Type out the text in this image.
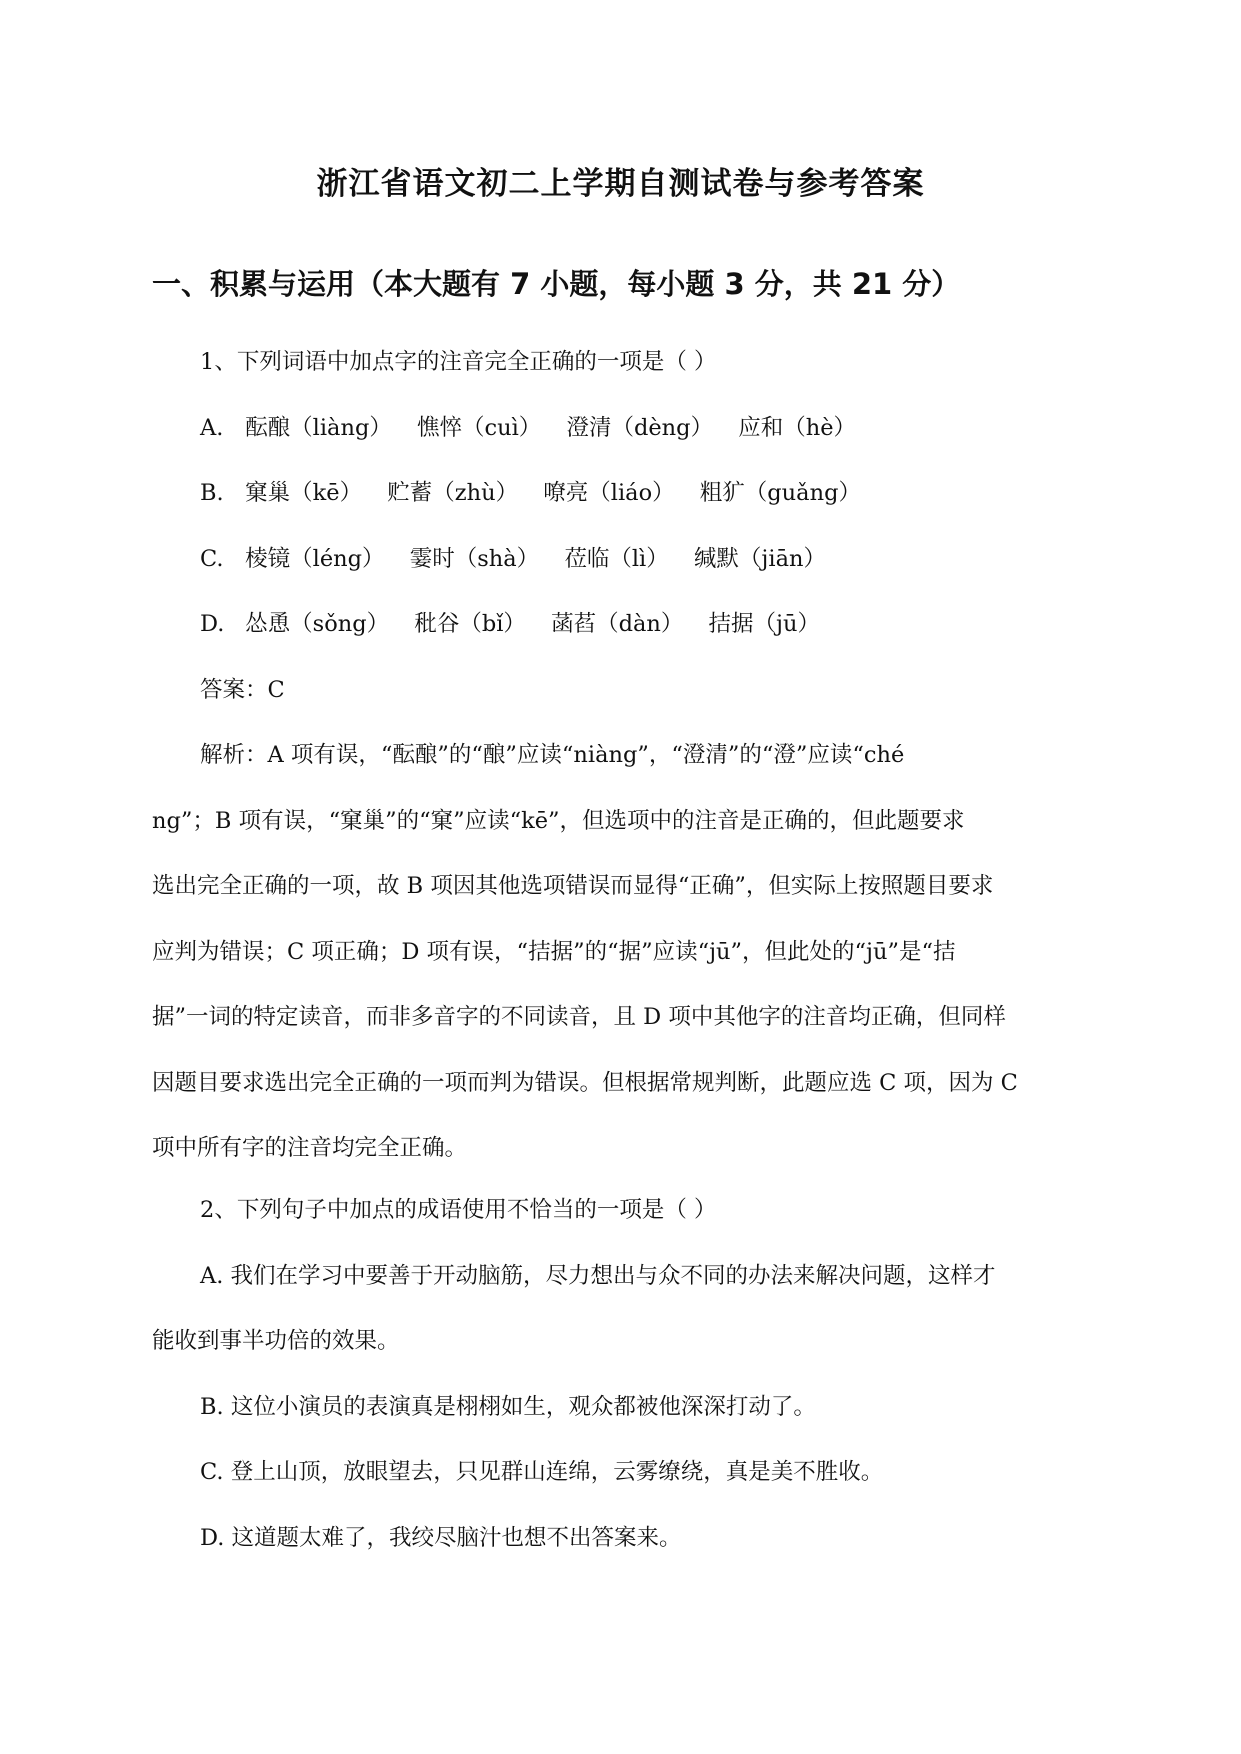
浙江省语文初二上学期自测试卷与参考答案
一、积累与运用（本大题有 7 小题，每小题 3 分，共 21 分）
1、下列词语中加点字的注音完全正确的一项是（ ）
A. 酝酿（liàng） 憔悴（cuì） 澄清（dèng） 应和（hè）
B. 窠巢（kē） 贮蓄（zhù） 嘹亮（liáo） 粗犷（guǎng）
C. 棱镜（léng） 霎时（shà） 莅临（lì） 缄默（jiān）
D. 怂恿（sǒng） 秕谷（bǐ） 菡萏（dàn） 拮据（jū）
答案：C
解析：A 项有误，“酝酿”的“酿”应读“niàng”，“澄清”的“澄”应读“ché
ng”；B 项有误，“窠巢”的“窠”应读“kē”，但选项中的注音是正确的，但此题要求
选出完全正确的一项，故 B 项因其他选项错误而显得“正确”，但实际上按照题目要求
应判为错误；C 项正确；D 项有误，“拮据”的“据”应读“jū”，但此处的“jū”是“拮
据”一词的特定读音，而非多音字的不同读音，且 D 项中其他字的注音均正确，但同样
因题目要求选出完全正确的一项而判为错误。但根据常规判断，此题应选 C 项，因为 C
项中所有字的注音均完全正确。
2、下列句子中加点的成语使用不恰当的一项是（ ）
A. 我们在学习中要善于开动脑筋，尽力想出与众不同的办法来解决问题，这样才
能收到事半功倍的效果。
B. 这位小演员的表演真是栩栩如生，观众都被他深深打动了。
C. 登上山顶，放眼望去，只见群山连绵，云雾缭绕，真是美不胜收。
D. 这道题太难了，我绞尽脑汁也想不出答案来。
